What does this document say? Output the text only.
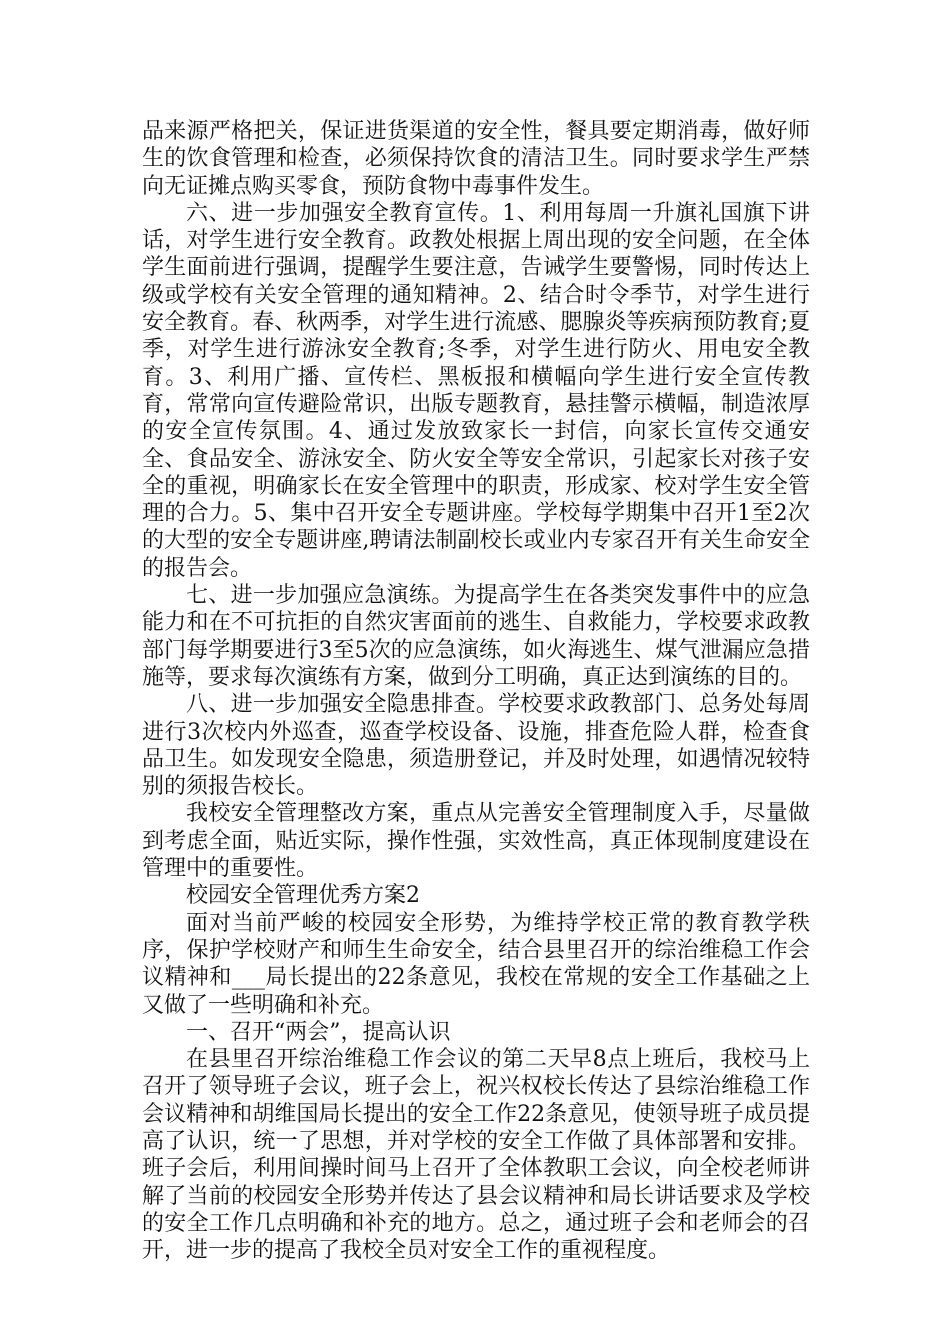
品来源严格把关，保证进货渠道的安全性，餐具要定期消毒，做好师生的饮食管理和检查，必须保持饮食的清洁卫生。同时要求学生严禁向无证摊点购买零食，预防食物中毒事件发生。

六、进一步加强安全教育宣传。1、利用每周一升旗礼国旗下讲话，对学生进行安全教育。政教处根据上周出现的安全问题，在全体学生面前进行强调，提醒学生要注意，告诫学生要警惕，同时传达上级或学校有关安全管理的通知精神。2、结合时令季节，对学生进行安全教育。春、秋两季，对学生进行流感、腮腺炎等疾病预防教育;夏季，对学生进行游泳安全教育;冬季，对学生进行防火、用电安全教育。3、利用广播、宣传栏、黑板报和横幅向学生进行安全宣传教育，常常向宣传避险常识，出版专题教育，悬挂警示横幅，制造浓厚的安全宣传氛围。4、通过发放致家长一封信，向家长宣传交通安全、食品安全、游泳安全、防火安全等安全常识，引起家长对孩子安全的重视，明确家长在安全管理中的职责，形成家、校对学生安全管理的合力。5、集中召开安全专题讲座。学校每学期集中召开1至2次的大型的安全专题讲座,聘请法制副校长或业内专家召开有关生命安全的报告会。

七、进一步加强应急演练。为提高学生在各类突发事件中的应急能力和在不可抗拒的自然灾害面前的逃生、自救能力，学校要求政教部门每学期要进行3至5次的应急演练，如火海逃生、煤气泄漏应急措施等，要求每次演练有方案，做到分工明确，真正达到演练的目的。

八、进一步加强安全隐患排查。学校要求政教部门、总务处每周进行3次校内外巡查，巡查学校设备、设施，排查危险人群，检查食品卫生。如发现安全隐患，须造册登记，并及时处理，如遇情况较特别的须报告校长。

我校安全管理整改方案，重点从完善安全管理制度入手，尽量做到考虑全面，贴近实际，操作性强，实效性高，真正体现制度建设在管理中的重要性。

校园安全管理优秀方案2

面对当前严峻的校园安全形势，为维持学校正常的教育教学秩序，保护学校财产和师生生命安全，结合县里召开的综治维稳工作会议精神和___局长提出的22条意见，我校在常规的安全工作基础之上又做了一些明确和补充。

一、召开“两会”，提高认识

在县里召开综治维稳工作会议的第二天早8点上班后，我校马上召开了领导班子会议，班子会上，祝兴权校长传达了县综治维稳工作会议精神和胡维国局长提出的安全工作22条意见，使领导班子成员提高了认识，统一了思想，并对学校的安全工作做了具体部署和安排。班子会后，利用间操时间马上召开了全体教职工会议，向全校老师讲解了当前的校园安全形势并传达了县会议精神和局长讲话要求及学校的安全工作几点明确和补充的地方。总之，通过班子会和老师会的召开，进一步的提高了我校全员对安全工作的重视程度。
